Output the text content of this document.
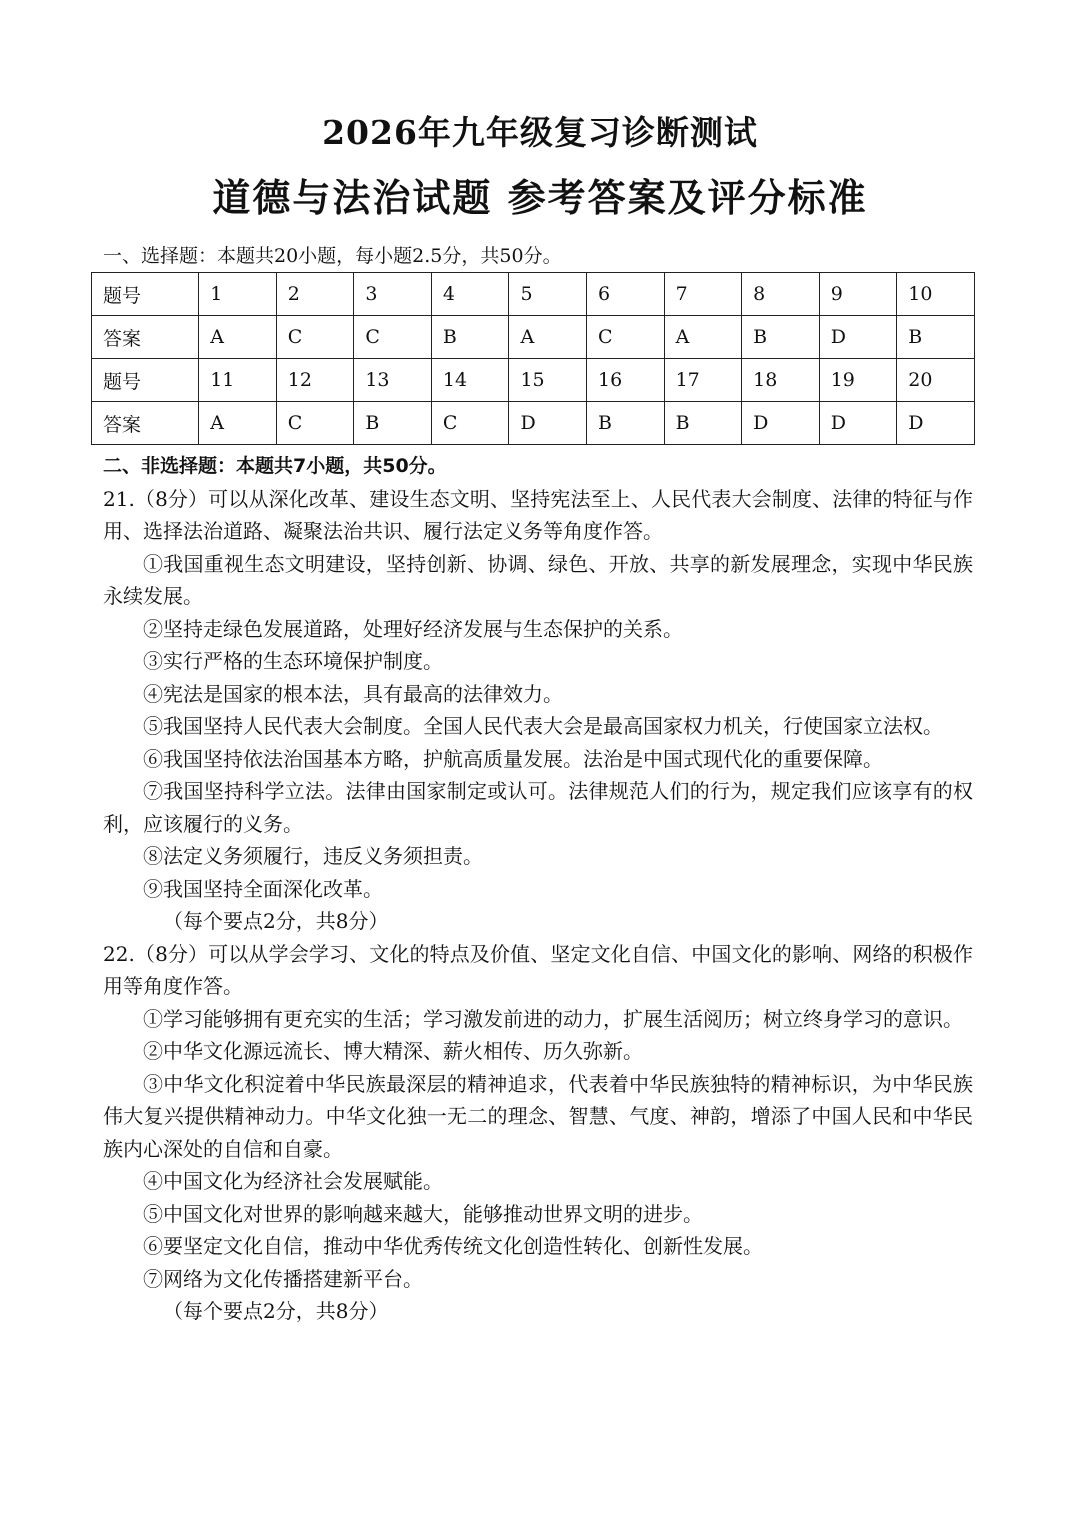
2026年九年级复习诊断测试
道德与法治试题 参考答案及评分标准
一、选择题：本题共20小题，每小题2.5分，共50分。
题号	1	2	3	4	5	6	7	8	9	10
答案	A	C	C	B	A	C	A	B	D	B
题号	11	12	13	14	15	16	17	18	19	20
答案	A	C	B	C	D	B	B	D	D	D

二、非选择题：本题共7小题，共50分。

21.（8分）可以从深化改革、建设生态文明、坚持宪法至上、人民代表大会制度、法律的特征与作用、选择法治道路、凝聚法治共识、履行法定义务等角度作答。

①我国重视生态文明建设，坚持创新、协调、绿色、开放、共享的新发展理念，实现中华民族永续发展。

②坚持走绿色发展道路，处理好经济发展与生态保护的关系。

③实行严格的生态环境保护制度。

④宪法是国家的根本法，具有最高的法律效力。

⑤我国坚持人民代表大会制度。全国人民代表大会是最高国家权力机关，行使国家立法权。

⑥我国坚持依法治国基本方略，护航高质量发展。法治是中国式现代化的重要保障。

⑦我国坚持科学立法。法律由国家制定或认可。法律规范人们的行为，规定我们应该享有的权利，应该履行的义务。

⑧法定义务须履行，违反义务须担责。

⑨我国坚持全面深化改革。

（每个要点2分，共8分）

22.（8分）可以从学会学习、文化的特点及价值、坚定文化自信、中国文化的影响、网络的积极作用等角度作答。

①学习能够拥有更充实的生活；学习激发前进的动力，扩展生活阅历；树立终身学习的意识。

②中华文化源远流长、博大精深、薪火相传、历久弥新。

③中华文化积淀着中华民族最深层的精神追求，代表着中华民族独特的精神标识，为中华民族伟大复兴提供精神动力。中华文化独一无二的理念、智慧、气度、神韵，增添了中国人民和中华民族内心深处的自信和自豪。

④中国文化为经济社会发展赋能。

⑤中国文化对世界的影响越来越大，能够推动世界文明的进步。

⑥要坚定文化自信，推动中华优秀传统文化创造性转化、创新性发展。

⑦网络为文化传播搭建新平台。

（每个要点2分，共8分）
